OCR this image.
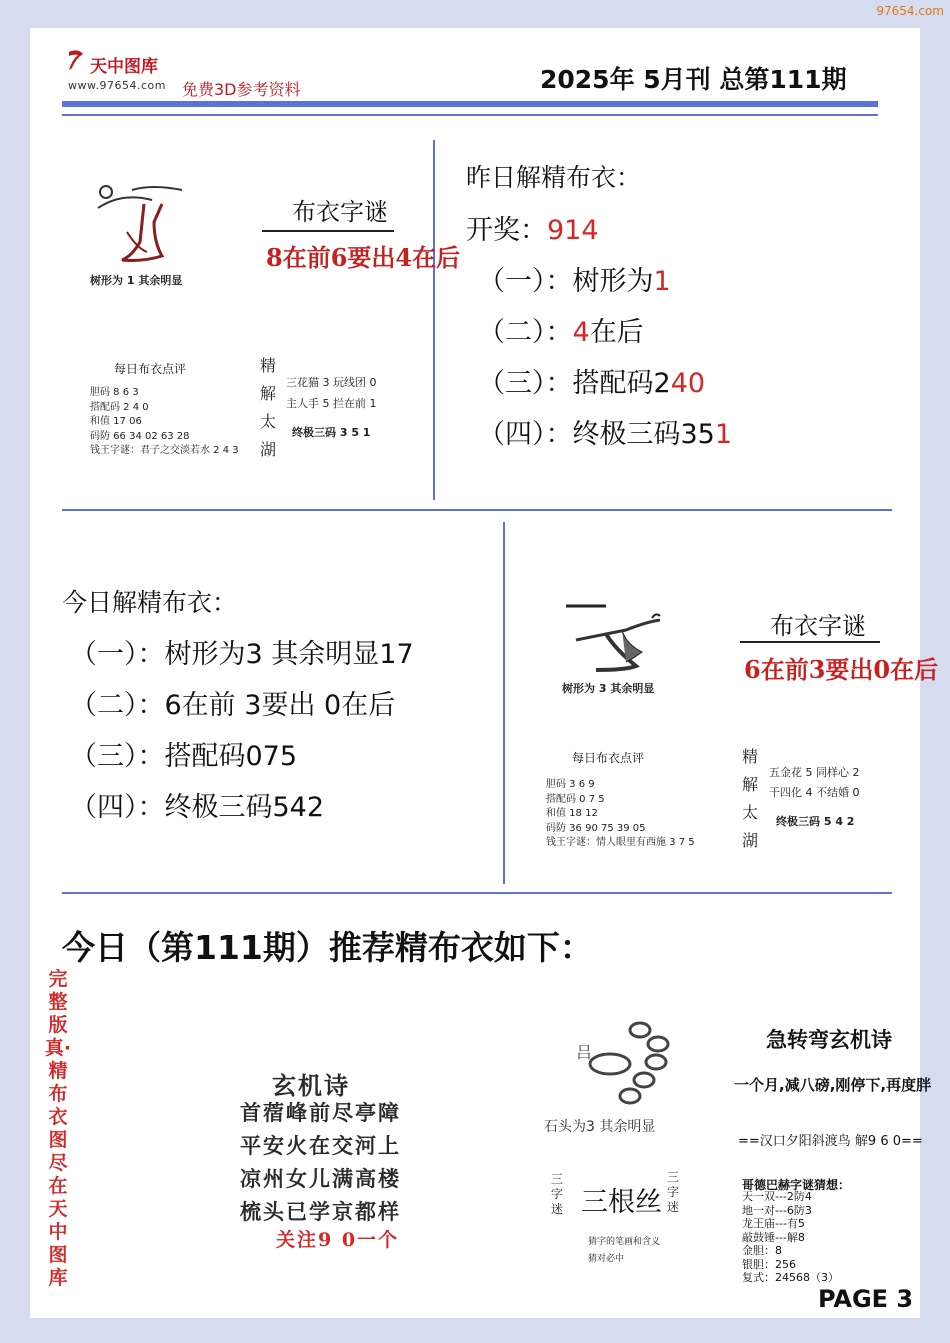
97654.com
天中图库
www.97654.com 免费3D参考资料	2025年 5月刊 总第111期
树形为 1 其余明显
布衣字谜
8在前6要出4在后
每日布衣点评
胆码 8 6 3
搭配码 2 4 0
和值 17 06
码防 66 34 02 63 28
钱王字谜：君子之交淡若水 2 4 3
精
解
太
湖
三花猫 3 玩线团 0
主人手 5 拦在前 1
终极三码 3 5 1
昨日解精布衣：
开奖：914
（一）：树形为1
（二）：4在后
（三）：搭配码240
（四）：终极三码351
今日解精布衣：
（一）：树形为3 其余明显17
（二）：6在前 3要出 0在后
（三）：搭配码075
（四）：终极三码542
树形为 3 其余明显
布衣字谜
6在前3要出0在后
每日布衣点评
胆码 3 6 9
搭配码 0 7 5
和值 18 12
码防 36 90 75 39 05
钱王字谜：情人眼里有西施 3 7 5
精
解
太
湖
五金花 5 同样心 2
干四化 4 不结婚 0
终极三码 5 4 2
今日（第111期）推荐精布衣如下：
完整版真·精布衣图尽在天中图库
玄机诗
首蓿峰前尽亭障
平安火在交河上
凉州女儿满高楼
梳头已学京都样
关注9 0一个
吕
石头为3 其余明显
三字迷 三根丝
三字迷
猜字的笔画和含义
猜对必中
急转弯玄机诗
一个月,减八磅,刚停下,再度胖
==汉口夕阳斜渡鸟 解9 6 0==
哥德巴赫字谜猜想：
天一双---2防4
地一对---6防3
龙王庙---有5
敲鼓锤---解8
金胆：8
银胆：256
复式：24568（3）
PAGE 3
